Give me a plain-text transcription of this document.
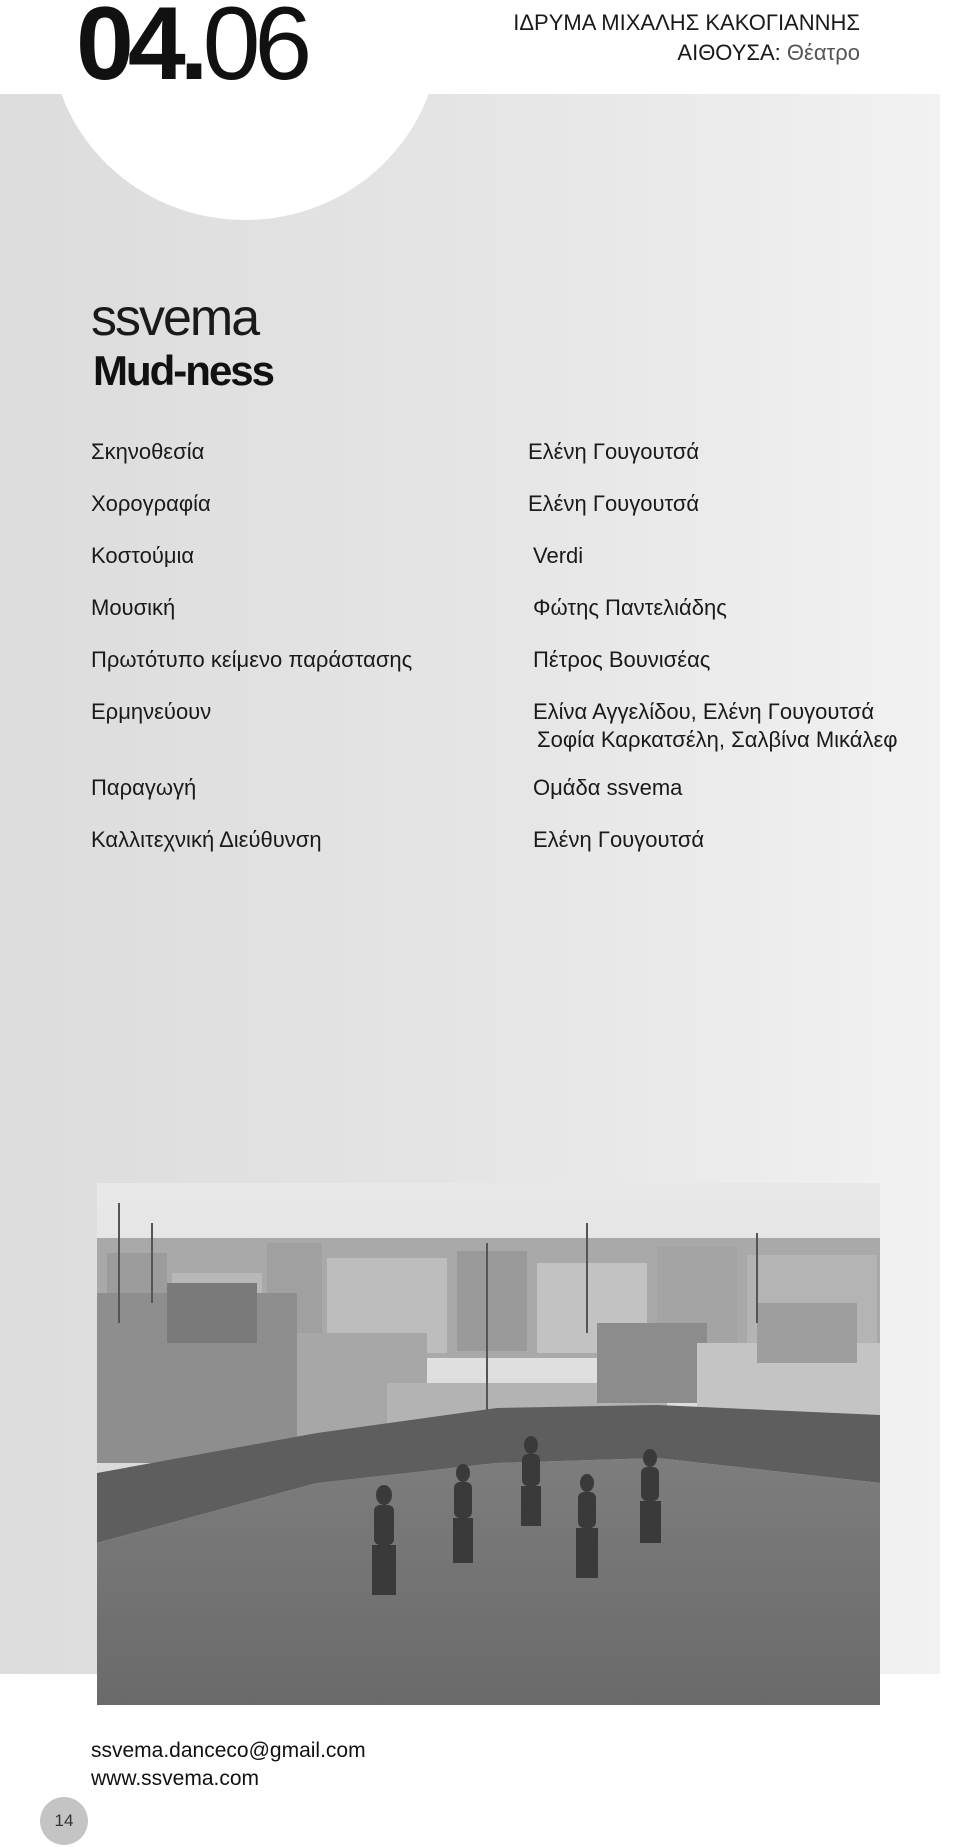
04.06	ΙΔΡΥΜΑ ΜΙΧΑΛΗΣ ΚΑΚΟΓΙΑΝΝΗΣ
ΑΙΘΟΥΣΑ: Θέατρο
ssvema
Mud-ness
Σκηνοθεσία	Ελένη Γουγουτσά
Χορογραφία	Ελένη Γουγουτσά
Κοστούμια	Verdi
Μουσική	Φώτης Παντελιάδης
Πρωτότυπο κείμενο παράστασης	Πέτρος Βουνισέας
Ερμηνεύουν	Ελίνα Αγγελίδου, Ελένη Γουγουτσά
Σοφία Καρκατσέλη, Σαλβίνα Μικάλεφ
Παραγωγή	Ομάδα ssvema
Καλλιτεχνική Διεύθυνση	Ελένη Γουγουτσά
ssvema.danceco@gmail.com
www.ssvema.com
14
